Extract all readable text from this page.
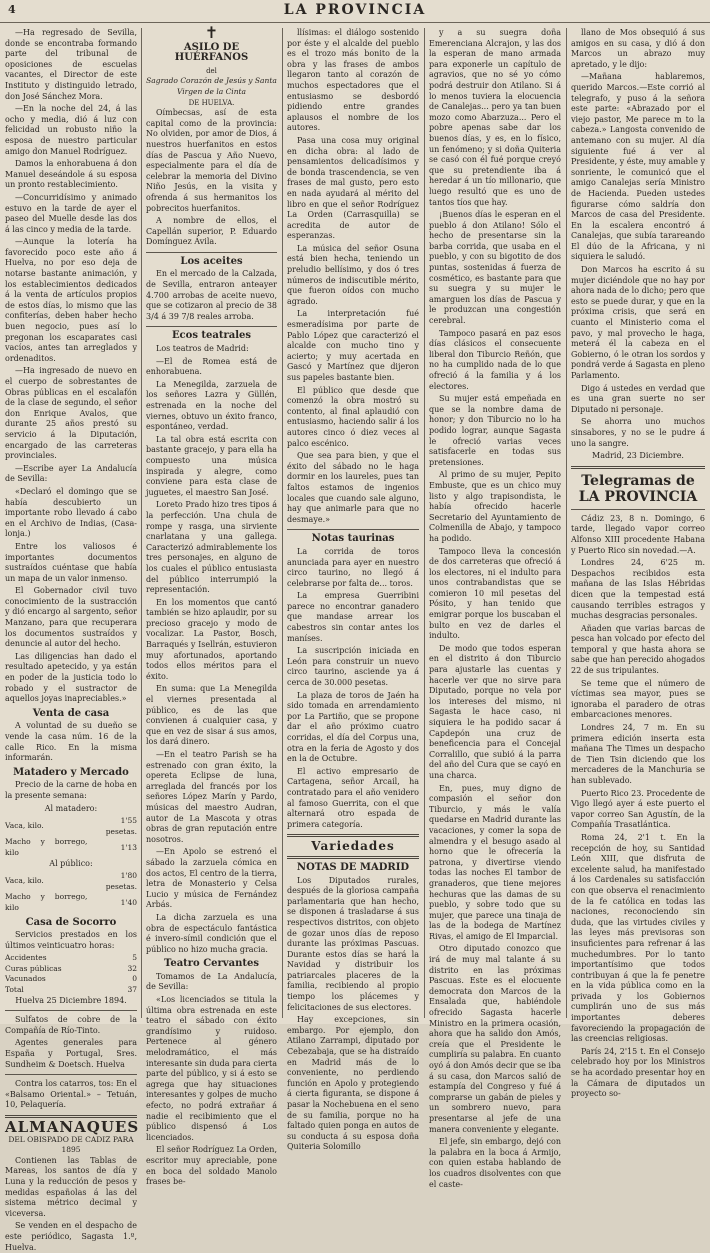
4	LA PROVINCIA

—Ha regresado de Sevilla, donde se encontraba formando parte del tribunal de oposiciones de escuelas vacantes, el Director de este Instituto y distinguido letrado, don José Sánchez Mora.

—En la noche del 24, á las ocho y media, dió á luz con felicidad un robusto niño la esposa de nuestro particular amigo don Manuel Rodríguez.

Damos la enhorabuena á don Manuel deseándole á su esposa un pronto restablecimiento.

—Concurridísimo y animado estuvo en la tarde de ayer el paseo del Muelle desde las dos á las cinco y media de la tarde.

—Aunque la lotería ha favorecido poco este año á Huelva, no por eso deja de notarse bastante animación, y los establecimientos dedicados á la venta de artículos propios de estos días, lo mismo que las confiterías, deben haber hecho buen negocio, pues así lo pregonan los escaparates casi vacíos, antes tan arreglados y ordenaditos.

—Ha ingresado de nuevo en el cuerpo de sobrestantes de Obras públicas en el escalafón de la clase de segundo, el señor don Enrique Avalos, que durante 25 años prestó su servicio á la Diputación, encargado de las carreteras provinciales.

—Escribe ayer La Andalucía de Sevilla:

«Declaró el domingo que se había descubierto un importante robo llevado á cabo en el Archivo de Indias, (Casa-lonja.)

Entre los valiosos é importantes documentos sustraídos cuéntase que había un mapa de un valor inmenso.

El Gobernador civil tuvo conocimiento de la sustracción y dió encargo al sargento, señor Manzano, para que recuperara los documentos sustraídos y denuncie al autor del hecho.

Las diligencias han dado el resultado apetecido, y ya están en poder de la justicia todo lo robado y el sustractor de aquellos joyas inapreciables.»

Venta de casa

A voluntad de su dueño se vende la casa núm. 16 de la calle Rico. En la misma informarán.

Matadero y Mercado

Precio de la carne de hoba en la presente semana:

Al matadero:

Vaca, kilo.	1'55 pesetas.
Macho y borrego, kilo	1'13

Al público:

Vaca, kilo.	1'80 pesetas.
Macho y borrego, kilo	1'40
Casa de Socorro

Servicios prestados en los últimos veinticuatro horas:

Accidentes	5
Curas públicas	32
Vacunados	0
Total	37

Huelva 25 Diciembre 1894.

Sulfatos de cobre de la Compañía de Río-Tinto.

Agentes generales para España y Portugal, Sres. Sundheim & Doetsch. Huelva

Contra los catarros, tos: En el «Balsamo Oriental.» – Tetuán, 10, Pelaquería.

ALMANAQUES
DEL OBISPADO DE CADIZ PARA 1895

Contienen las Tablas de Mareas, los santos de día y Luna y la reducción de pesos y medidas españolas á las del sistema métrico decimal y viceversa.

Se venden en el despacho de este periódico, Sagasta 1.º, Huelva.

✝
ASILO DE HUÉRFANOS
del
Sagrado Corazón de Jesús y Santa Virgen de la Cinta
DE HUELVA.

Oímbecsas, así de esta capital como de la provincia: No olviden, por amor de Dios, á nuestros huerfanitos en estos días de Pascua y Año Nuevo, especialmente para el día de celebrar la memoria del Divino Niño Jesús, en la visita y ofrenda á sus hermanitos los pobrecitos huerfanitos.

A nombre de ellos, el Capellán superior, P. Eduardo Domínguez Ávila.

Los aceites

En el mercado de la Calzada, de Sevilla, entraron anteayer 4.700 arrobas de aceite nuevo, que se cotizaron al precio de 38 3/4 á 39 7/8 reales arroba.

Ecos teatrales

Los teatros de Madrid:

—El de Romea está de enhorabuena.

La Menegilda, zarzuela de los señores Lazra y Güllén, estrenada en la noche del viernes, obtuvo un éxito franco, espontáneo, verdad.

La tal obra está escrita con bastante gracejo, y para ella ha compuesto una música inspirada y alegre, como conviene para esta clase de juguetes, el maestro San José.

Loreto Prado hizo tres tipos á la perfección. Una chula de rompe y rasga, una sirviente cnarlatana y una gallega. Caracterizó admirablemente los tres personajes, en alguno de los cuales el público entusiasta del público interrumpió la representación.

En los momentos que cantó también se hizo aplaudir, por su precioso gracejo y modo de vocalizar. La Pastor, Bosch, Barraqués y Isellrán, estuvieron muy afortunados, aportando todos ellos méritos para el éxito.

En suma: que La Menegilda el viernes presentada al público, es de las que convienen á cualquier casa, y que en vez de sisar á sus amos, los dará dinero.

—En el teatro Parish se ha estrenado con gran éxito, la opereta Eclipse de luna, arreglada del francés por los señores López Marín y Pardo, músicas del maestro Audran, autor de La Mascota y otras obras de gran reputación entre nosotros.

—En Apolo se estrenó el sábado la zarzuela cómica en dos actos, El centro de la tierra, letra de Monasterio y Celsa Lucio y música de Fernández Arbás.

La dicha zarzuela es una obra de espectáculo fantástica é invero-símil condición que el público no hizo mucha gracia.

Teatro Cervantes

Tomamos de La Andalucía, de Sevilla:

«Los licenciados se titula la última obra estrenada en este teatro el sábado con éxito grandísimo y ruidoso. Pertenece al género melodramático, el más interesante sin duda para cierta parte del público, y si á esto se agrega que hay situaciones interesantes y golpes de mucho efecto, no podrá extrañar á nadie el recibimiento que el público dispensó á Los licenciados.

El señor Rodríguez La Orden, escritor muy apreciable, pone en boca del soldado Manolo frases be-

llísimas: el diálogo sostenido por éste y el alcalde del pueblo es el trozo más bonito de la obra y las frases de ambos llegaron tanto al corazón de muchos espectadores que el entusiasmo se desbordó pidiendo entre grandes aplausos el nombre de los autores.

Pasa una cosa muy original en dicha obra: al lado de pensamientos delicadísimos y de bonda trascendencia, se ven frases de mal gusto, pero esto en nada ayudará al mérito del libro en que el señor Rodríguez La Orden (Carrasquilla) se acredita de autor de esperanzas.

La música del señor Osuna está bien hecha, teniendo un preludio bellísimo, y dos ó tres números de indiscutible mérito, que fueron oídos con mucho agrado.

La interpretación fué esmeradísima por parte de Pablo López que caracterizó el alcalde con mucho tino y acierto; y muy acertada en Gascó y Martínez que dijeron sus papeles bastante bien.

El público que desde que comenzó la obra mostró su contento, al final aplaudió con entusiasmo, haciendo salir á los autores cinco ó diez veces al palco escénico.

Que sea para bien, y que el éxito del sábado no le haga dormir en los laureles, pues tan faltos estamos de ingenios locales que cuando sale alguno, hay que animarle para que no desmaye.»

Notas taurinas

La corrida de toros anunciada para ayer en nuestro circo taurino, no llegó á celebrarse por falta de... toros.

La empresa Guerribini parece no encontrar ganadero que mandase arrear los cabestros sin contar antes los maníses.

La suscripción iniciada en León para construir un nuevo circo taurino, asciende ya á cerca de 30.000 pesetas.

La plaza de toros de Jaén ha sido tomada en arrendamiento por La Partiño, que se propone dar el año próximo cuatro corridas, el día del Corpus una, otra en la feria de Agosto y dos en la de Octubre.

El activo empresario de Cartagena, señor Arcail, ha contratado para el año venidero al famoso Guerrita, con el que alternará otro espada de primera categoría.

Variedades
NOTAS DE MADRID

Los Diputados rurales, después de la gloriosa campaña parlamentaria que han hecho, se disponen á trasladarse á sus respectivos distritos, con objeto de gozar unos días de reposo durante las próximas Pascuas. Durante estos días se hará la Navidad y distribuir los patriarcales placeres de la familia, recibiendo al propio tiempo los plácemes y felicitaciones de sus electores.

Hay excepciones, sin embargo. Por ejemplo, don Atilano Zarrampi, diputado por Cebezabaja, que se ha distraído en Madrid más de lo conveniente, no perdiendo función en Apolo y protegiendo á cierta figuranta, se dispone á pasar la Nochebuena en el seno de su familia, porque no ha faltado quien ponga en autos de su conducta á su esposa doña Quiteria Solomillo

y a su suegra doña Emerenciana Alcrajon, y las dos la esperan de mano armada para exponerle un capítulo de agravios, que no sé yo cómo podrá destruir don Atilano. Si á lo menos tuviera la elocuencia de Canalejas... pero ya tan buen mozo como Abarzuza... Pero el pobre apenas sabe dar los buenos días, y es, en lo físico, un fenómeno; y si doña Quiteria se casó con él fué porque creyó que su pretendiente iba á heredar á un tío millonario, que luego resultó que es uno de tantos tíos que hay.

¡Buenos días le esperan en el pueblo á don Atilano! Sólo el hecho de presentarse sin la barba corrida, que usaba en el pueblo, y con su bigotito de dos puntas, sostenidas á fuerza de cosmético, es bastante para que su suegra y su mujer le amarguen los días de Pascua y le produzcan una congestión cerebral.

Tampoco pasará en paz esos días clásicos el consecuente liberal don Tiburcio Reñón, que no ha cumplido nada de lo que ofreció á la familia y á los electores.

Su mujer está empeñada en que se la nombre dama de honor; y don Tiburcio no lo ha podido lograr, aunque Sagasta le ofreció varias veces satisfacerle en todas sus pretensiones.

Al primo de su mujer, Pepito Embuste, que es un chico muy listo y algo trapisondista, le había ofrecido hacerle Secretario del Ayuntamiento de Colmenilla de Abajo, y tampoco ha podido.

Tampoco lleva la concesión de dos carreteras que ofreció á los electores, ni el indulto para unos contrabandistas que se comieron 10 mil pesetas del Pósito, y han tenido que emigrar porque los buscaban el bulto en vez de darles el indulto.

De modo que todos esperan en el distrito á don Tiburcio para ajustarle las cuentas y hacerle ver que no sirve para Diputado, porque no vela por los intereses del mismo, ni Sagasta le hace caso, ni siquiera le ha podido sacar á Capdepón una cruz de beneficencia para el Concejal Corralillo, que subió á la parra del año del Cura que se cayó en una charca.

En, pues, muy digno de compasión el señor don Tiburcio, y más le valía quedarse en Madrid durante las vacaciones, y comer la sopa de almendra y el besugo asado al horno que le ofrecería la patrona, y divertirse viendo todas las noches El tambor de granaderos, que tiene mejores hechuras que las damas de su pueblo, y sobre todo que su mujer, que parece una tinaja de las de la bodega de Martínez Rivas, el amigo de El Imparcial.

Otro diputado conozco que irá de muy mal talante á su distrito en las próximas Pascuas. Este es el elocuente democrata don Marcos de la Ensalada que, habiéndole ofrecido Sagasta hacerle Ministro en la primera ocasión, ahora que ha salido don Amós, creía que el Presidente le cumpliría su palabra. En cuanto oyó á don Amós decir que se iba á su casa, don Marcos salió de estampía del Congreso y fué á comprarse un gabán de pieles y un sombrero nuevo, para presentarse al jefe de una manera conveniente y elegante.

El jefe, sin embargo, dejó con la palabra en la boca á Armijo, con quien estaba hablando de los cuadros disolventes con que el caste-

llano de Mos obsequió á sus amigos en su casa, y dió á don Marcos un abrazo muy apretado, y le dijo:

—Mañana hablaremos, querido Marcos.—Este corrió al telegrafo, y puso á la señora este parte: «Abrazado por el viejo pastor, Me parece m to la cabeza.» Langosta convenido de antemano con su mujer. Al día siguiente fué á ver al Presidente, y éste, muy amable y sonriente, le comunicó que el amigo Canalejas sería Ministro de Hacienda. Pueden ustedes figurarse cómo saldría don Marcos de casa del Presidente. En la escalera encontró á Canalejas, que subía tarareando El dúo de la Africana, y ni siquiera le saludó.

Don Marcos ha escrito á su mujer diciéndole que no hay por ahora nada de lo dicho; pero que esto se puede durar, y que en la próxima crisis, que será en cuanto el Ministerio coma el pavo, y mal provecho le haga, meterá él la cabeza en el Gobierno, ó le otran los sordos y pondrá verde á Sagasta en pleno Parlamento.

Digo á ustedes en verdad que es una gran suerte no ser Diputado ni personaje.

Se ahorra uno muchos sinsabores, y no se le pudre á uno la sangre.

Madrid, 23 Diciembre.

Telegramas de LA PROVINCIA

Cádiz 23, 8 n. Domingo, 6 tarde, llegado vapor correo Alfonso XIII procedente Habana y Puerto Rico sin novedad.—A.

Londres 24, 6'25 m. Despachos recibidos esta mañana de las Islas Hébridas dicen que la tempestad está causando terribles estragos y muchas desgracias personales.

Añaden que varias barcas de pesca han volcado por efecto del temporal y que hasta ahora se sabe que han perecido ahogados 22 de sus tripulantes.

Se teme que el número de víctimas sea mayor, pues se ignoraba el paradero de otras embarcaciones menores.

Londres 24, 7 m. En su primera edición inserta esta mañana The Times un despacho de Tien Tsin diciendo que los mercaderes de la Manchuria se han sublevado.

Puerto Rico 23. Procedente de Vigo llegó ayer á este puerto el vapor correo San Agustín, de la Compañía Trasatlántica.

Roma 24, 2'1 t. En la recepción de hoy, su Santidad León XIII, que disfruta de excelente salud, ha manifestado á los Cardenales su satisfacción con que observa el renacimiento de la fe católica en todas las naciones, reconociendo sin duda, que las virtudes civiles y las leyes más previsoras son insuficientes para refrenar á las muchedumbres. Por lo tanto importantísimo que todos contribuyan á que la fe penetre en la vida pública como en la privada y los Gobiernos cumplirán uno de sus más importantes deberes favoreciendo la propagación de las creencias religiosas.

París 24, 2'15 t. En el Consejo celebrado hoy por los Ministros se ha acordado presentar hoy en la Cámara de diputados un proyecto so-
